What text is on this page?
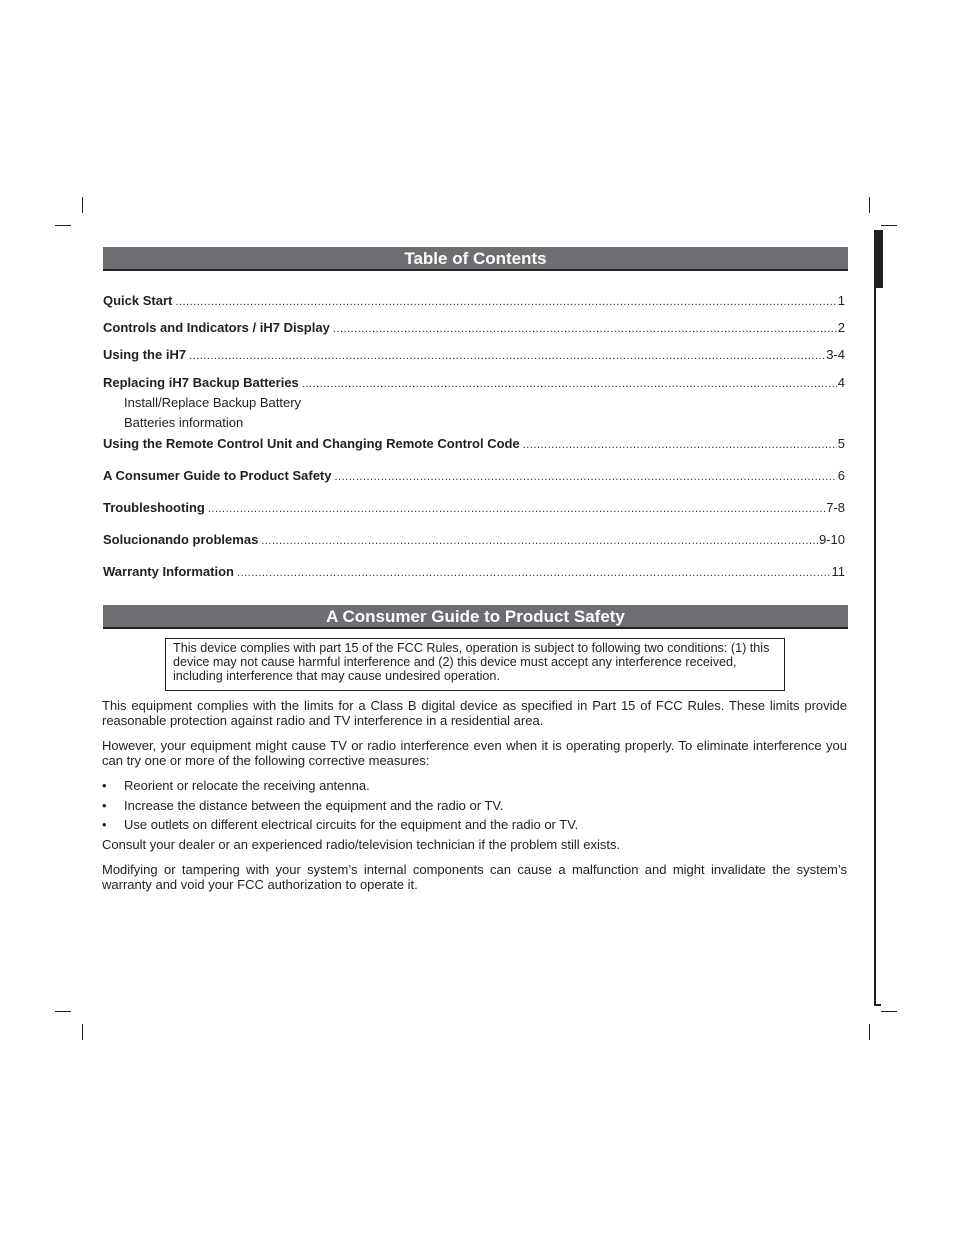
Table of Contents
Quick Start .....	1
Controls and Indicators / iH7 Display .....	2
Using the iH7 .....	3-4
Replacing iH7 Backup Batteries .....	4
Install/Replace Backup Battery
Batteries information
Using the Remote Control Unit and Changing Remote Control Code .....	5
A Consumer Guide to Product Safety .....	6
Troubleshooting .....	7-8
Solucionando problemas .....	9-10
Warranty Information .....	11
A Consumer Guide to Product Safety
This device complies with part 15 of the FCC Rules, operation is subject to following two conditions: (1) this device may not cause harmful interference and (2) this device must accept any interference received, including interference that may cause undesired operation.
This equipment complies with the limits for a Class B digital device as specified in Part 15 of FCC Rules. These limits provide reasonable protection against radio and TV interference in a residential area.
However, your equipment might cause TV or radio interference even when it is operating properly. To eliminate interference you can try one or more of the following corrective measures:
• Reorient or relocate the receiving antenna.
• Increase the distance between the equipment and the radio or TV.
• Use outlets on different electrical circuits for the equipment and the radio or TV.
Consult your dealer or an experienced radio/television technician if the problem still exists.
Modifying or tampering with your system’s internal components can cause a malfunction and might invalidate the system’s warranty and void your FCC authorization to operate it.
